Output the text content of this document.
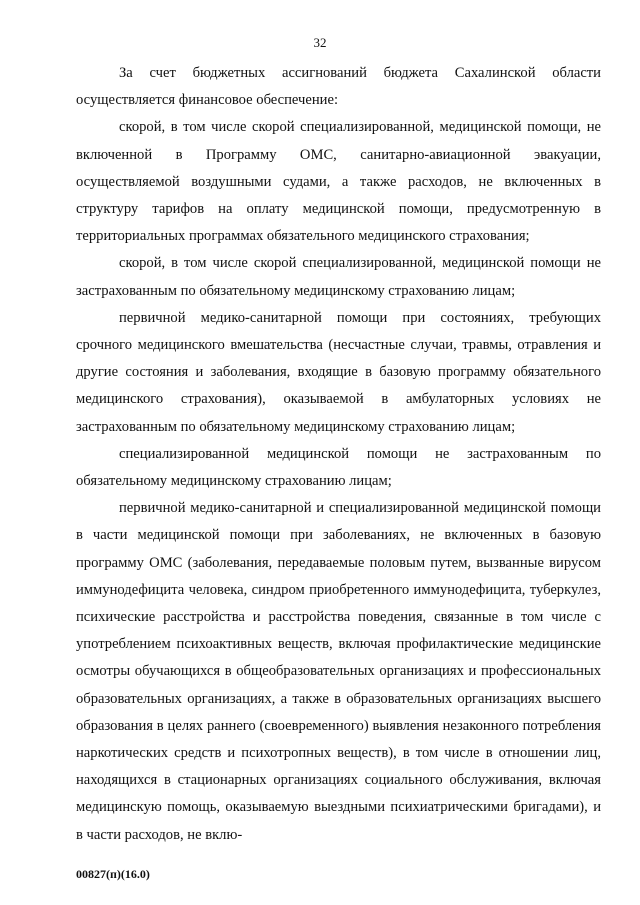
32

За счет бюджетных ассигнований бюджета Сахалинской области осуществляется финансовое обеспечение:

скорой, в том числе скорой специализированной, медицинской помощи, не включенной в Программу ОМС, санитарно-авиационной эвакуации, осуществляемой воздушными судами, а также расходов, не включенных в структуру тарифов на оплату медицинской помощи, предусмотренную в территориальных программах обязательного медицинского страхования;

скорой, в том числе скорой специализированной, медицинской помощи не застрахованным по обязательному медицинскому страхованию лицам;

первичной медико-санитарной помощи при состояниях, требующих срочного медицинского вмешательства (несчастные случаи, травмы, отравления и другие состояния и заболевания, входящие в базовую программу обязательного медицинского страхования), оказываемой в амбулаторных условиях не застрахованным по обязательному медицинскому страхованию лицам;

специализированной медицинской помощи не застрахованным по обязательному медицинскому страхованию лицам;

первичной медико-санитарной и специализированной медицинской помощи в части медицинской помощи при заболеваниях, не включенных в базовую программу ОМС (заболевания, передаваемые половым путем, вызванные вирусом иммунодефицита человека, синдром приобретенного иммунодефицита, туберкулез, психические расстройства и расстройства поведения, связанные в том числе с употреблением психоактивных веществ, включая профилактические медицинские осмотры обучающихся в общеобразовательных организациях и профессиональных образовательных организациях, а также в образовательных организациях высшего образования в целях раннего (своевременного) выявления незаконного потребления наркотических средств и психотропных веществ), в том числе в отношении лиц, находящихся в стационарных организациях социального обслуживания, включая медицинскую помощь, оказываемую выездными психиатрическими бригадами), и в части расходов, не вклю-

00827(п)(16.0)
